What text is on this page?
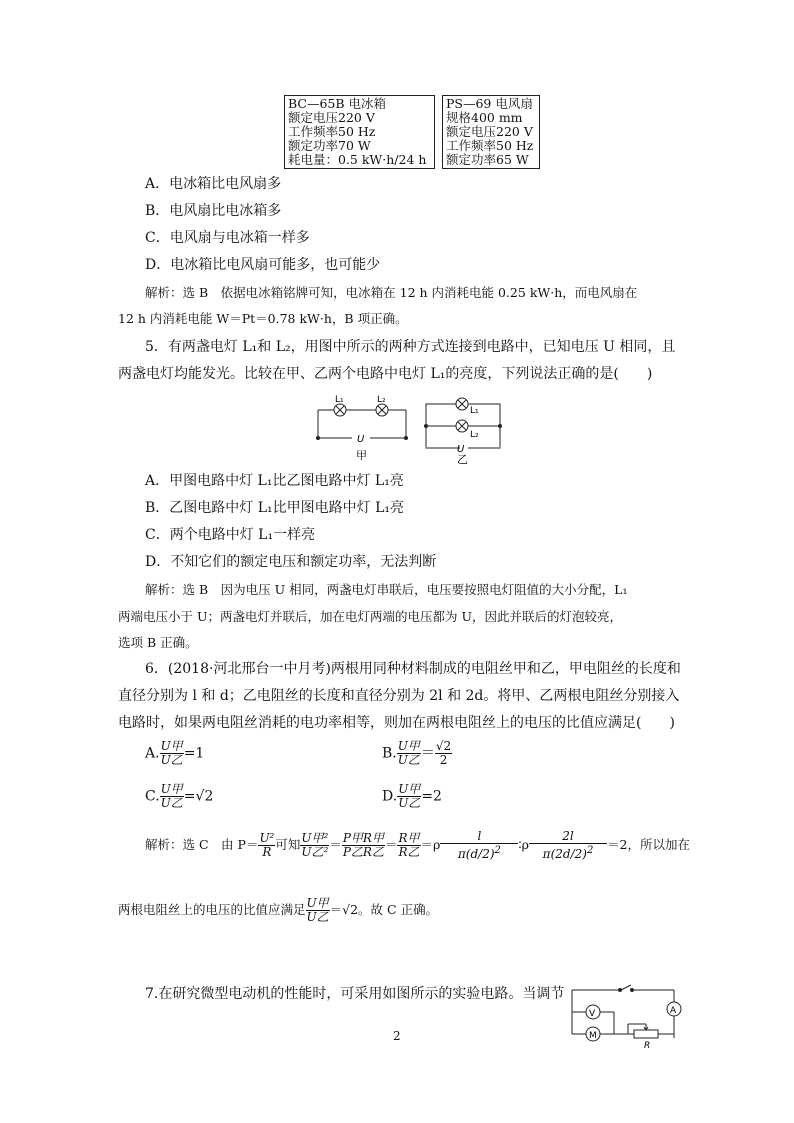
BC—65B 电冰箱
额定电压220 V
工作频率50 Hz
额定功率70 W
耗电量：0.5 kW·h/24 h
PS—69 电风扇
规格400 mm
额定电压220 V
工作频率50 Hz
额定功率65 W
A．电冰箱比电风扇多
B．电风扇比电冰箱多
C．电风扇与电冰箱一样多
D．电冰箱比电风扇可能多，也可能少
解析：选 B　依据电冰箱铭牌可知，电冰箱在 12 h 内消耗电能 0.25 kW·h，而电风扇在
12 h 内消耗电能 W＝Pt＝0.78 kW·h，B 项正确。
5．有两盏电灯 L₁和 L₂，用图中所示的两种方式连接到电路中，已知电压 U 相同，且
两盏电灯均能发光。比较在甲、乙两个电路中电灯 L₁的亮度，下列说法正确的是(　　)
L₁	L₂
U
甲
L₁
L₂
U
乙
A．甲图电路中灯 L₁比乙图电路中灯 L₁亮
B．乙图电路中灯 L₁比甲图电路中灯 L₁亮
C．两个电路中灯 L₁一样亮
D．不知它们的额定电压和额定功率，无法判断
解析：选 B　因为电压 U 相同，两盏电灯串联后，电压要按照电灯阻值的大小分配，L₁
两端电压小于 U；两盏电灯并联后，加在电灯两端的电压都为 U，因此并联后的灯泡较亮，
选项 B 正确。
6．(2018·河北邢台一中月考)两根用同种材料制成的电阻丝甲和乙，甲电阻丝的长度和
直径分别为 l 和 d；乙电阻丝的长度和直径分别为 2l 和 2d。将甲、乙两根电阻丝分别接入
电路时，如果两电阻丝消耗的电功率相等，则加在两根电阻丝上的电压的比值应满足(　　)
A. $\frac{\text{U甲}}{\text{U乙}} =1$	B. $\frac{\text{U甲}}{\text{U乙}} = \frac{√2}{2}$
C. $\frac{\text{U甲}}{\text{U乙}} =√2$	D. $\frac{\text{U甲}}{\text{U乙}} =2$
解析：选 C　由 $P= \frac{\text{U²}}{R}$ 可知 $\frac{\text{U甲²}}{\text{U乙²}} = \frac{\text{P甲R甲}}{\text{P乙R乙}} = \frac{\text{R甲}}{\text{R乙}} =\rho \frac{l}{\pi(d/2)^2}$ ∶ρ $\frac{2l}{\pi(2d/2)^2} =2$，所以加在
两根电阻丝上的电压的比值应满足 $\frac{\text{U甲}}{\text{U乙}} =√2$。故 C 正确。
7.在研究微型电动机的性能时，可采用如图所示的实验电路。当调节
V
M
A
R
2
